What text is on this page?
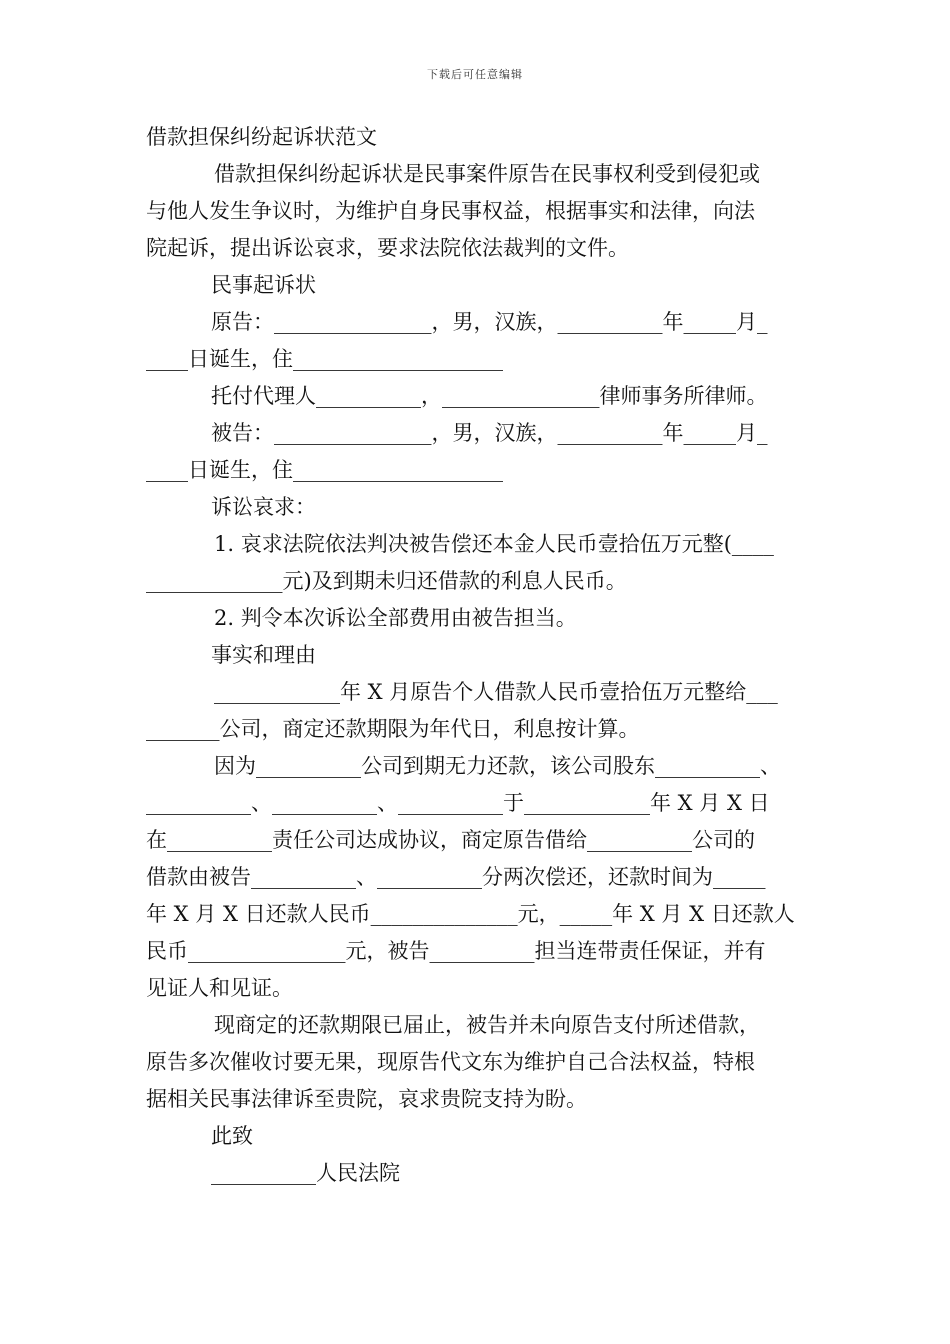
下载后可任意编辑
借款担保纠纷起诉状范文
借款担保纠纷起诉状是民事案件原告在民事权利受到侵犯或
与他人发生争议时，为维护自身民事权益，根据事实和法律，向法
院起诉，提出诉讼哀求，要求法院依法裁判的文件。
民事起诉状
原告：_______________，男，汉族，__________年_____月_
____日诞生，住____________________
托付代理人__________，_______________律师事务所律师。
被告：_______________，男，汉族，__________年_____月_
____日诞生，住____________________
诉讼哀求：
1. 哀求法院依法判决被告偿还本金人民币壹拾伍万元整(____
_____________元)及到期未归还借款的利息人民币。
2. 判令本次诉讼全部费用由被告担当。
事实和理由
____________年 X 月原告个人借款人民币壹拾伍万元整给___
_______公司，商定还款期限为年代日，利息按计算。
因为__________公司到期无力还款，该公司股东__________、
__________、__________、__________于____________年 X 月 X 日
在__________责任公司达成协议，商定原告借给__________公司的
借款由被告__________、__________分两次偿还，还款时间为_____
年 X 月 X 日还款人民币______________元，_____年 X 月 X 日还款人
民币_______________元，被告__________担当连带责任保证，并有
见证人和见证。
现商定的还款期限已届止，被告并未向原告支付所述借款，
原告多次催收讨要无果，现原告代文东为维护自己合法权益，特根
据相关民事法律诉至贵院，哀求贵院支持为盼。
此致
__________人民法院
